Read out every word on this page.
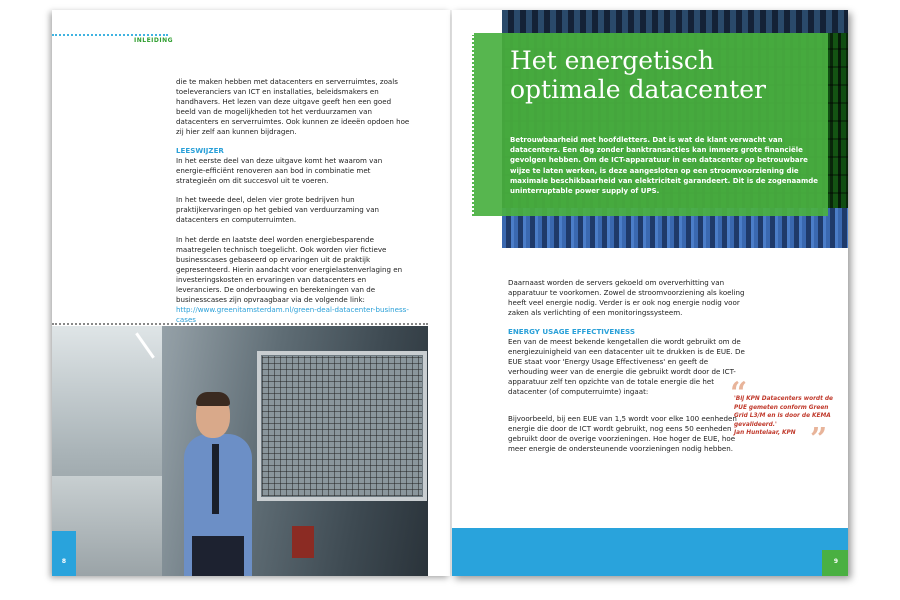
INLEIDING
die te maken hebben met datacenters en serverruimtes, zoals toeleveranciers van ICT en installaties, beleidsmakers en handhavers. Het lezen van deze uitgave geeft hen een goed beeld van de mogelijkheden tot het verduurzamen van datacenters en serverruimtes. Ook kunnen ze ideeën opdoen hoe zij hier zelf aan kunnen bijdragen.
LEESWIJZER
In het eerste deel van deze uitgave komt het waarom van energie-efficiënt renoveren aan bod in combinatie met strategieën om dit succesvol uit te voeren.
In het tweede deel, delen vier grote bedrijven hun praktijkervaringen op het gebied van verduurzaming van datacenters en computerruimten.
In het derde en laatste deel worden energiebesparende maatregelen technisch toegelicht. Ook worden vier fictieve businesscases gebaseerd op ervaringen uit de praktijk gepresenteerd. Hierin aandacht voor energielastenverlaging en investeringskosten en ervaringen van datacenters en leveranciers. De onderbouwing en berekeningen van de businesscases zijn opvraagbaar via de volgende link:
http://www.greenitamsterdam.nl/green-deal-datacenter-business-cases
8
Het energetisch optimale datacenter
Betrouwbaarheid met hoofdletters. Dat is wat de klant verwacht van datacenters. Een dag zonder banktransacties kan immers grote financiële gevolgen hebben. Om de ICT-apparatuur in een datacenter op betrouwbare wijze te laten werken, is deze aangesloten op een stroomvoorziening die maximale beschikbaarheid van elektriciteit garandeert. Dit is de zogenaamde uninterruptable power supply of UPS.
Daarnaast worden de servers gekoeld om oververhitting van apparatuur te voorkomen. Zowel de stroomvoorziening als koeling heeft veel energie nodig. Verder is er ook nog energie nodig voor zaken als verlichting of een monitoringssysteem.
ENERGY USAGE EFFECTIVENESS
Een van de meest bekende kengetallen die wordt gebruikt om de energiezuinigheid van een datacenter uit te drukken is de EUE. De EUE staat voor 'Energy Usage Effectiveness' en geeft de verhouding weer van de energie die gebruikt wordt door de ICT-apparatuur zelf ten opzichte van de totale energie die het datacenter (of computerruimte) ingaat:
Bijvoorbeeld, bij een EUE van 1,5 wordt voor elke 100 eenheden energie die door de ICT wordt gebruikt, nog eens 50 eenheden gebruikt door de overige voorzieningen. Hoe hoger de EUE, hoe meer energie de ondersteunende voorzieningen nodig hebben.
“
'Bij KPN Datacenters wordt de PUE gemeten conform Green Grid L3/M en is door de KEMA gevalideerd.'
Jan Huntelaar, KPN ”
9
